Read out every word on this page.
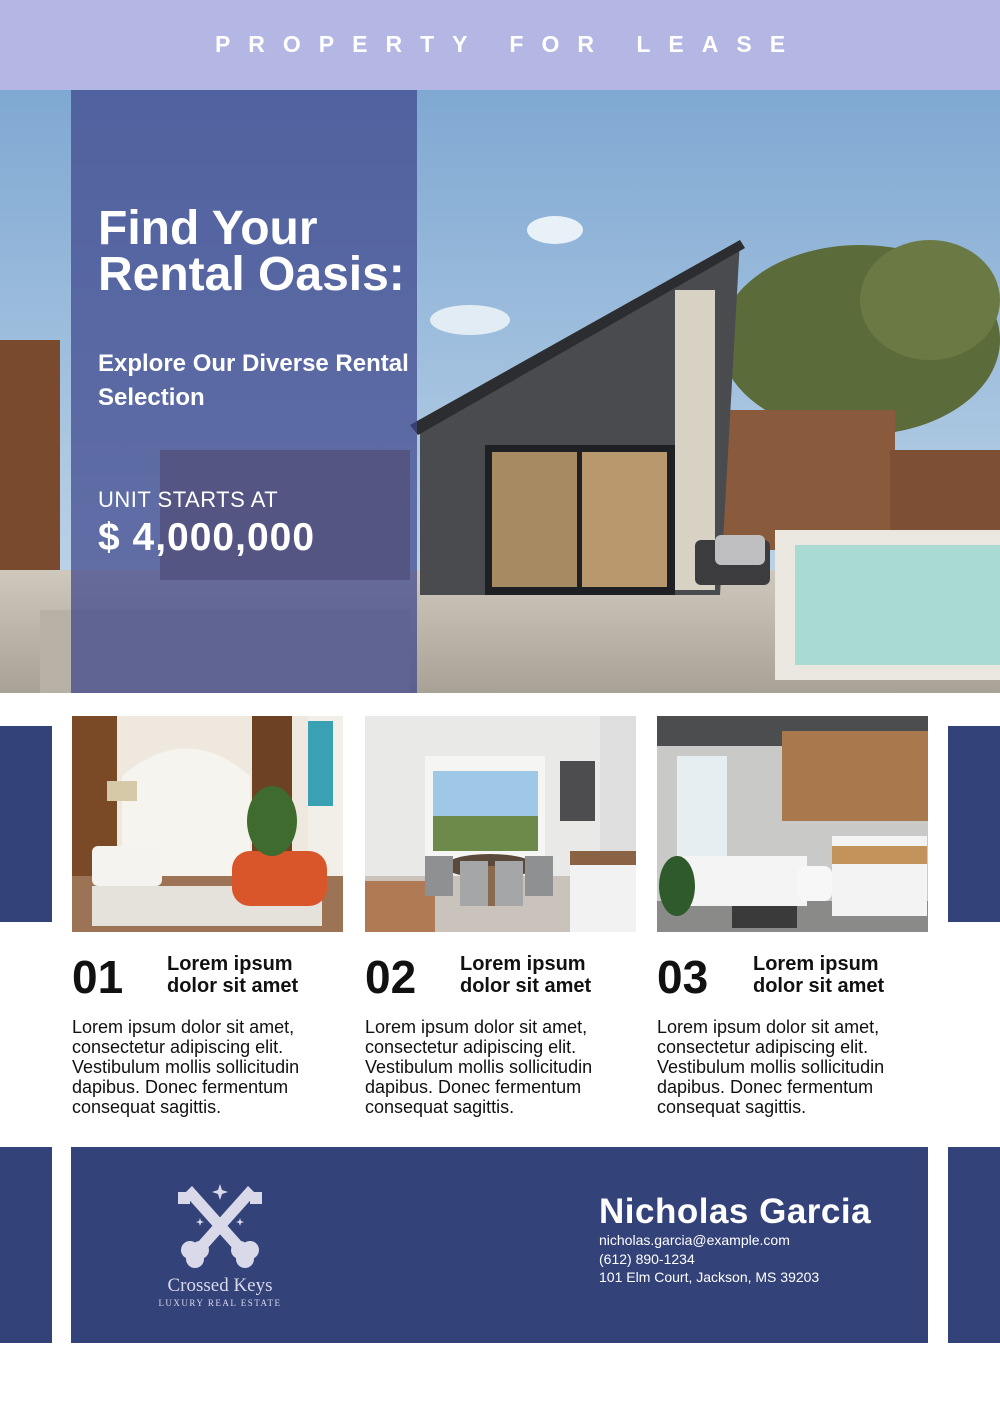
PROPERTY FOR LEASE
Find Your Rental Oasis:
Explore Our Diverse Rental Selection
UNIT STARTS AT
$ 4,000,000
01 Lorem ipsum dolor sit amet
Lorem ipsum dolor sit amet, consectetur adipiscing elit. Vestibulum mollis sollicitudin dapibus. Donec fermentum consequat sagittis.
02 Lorem ipsum dolor sit amet
Lorem ipsum dolor sit amet, consectetur adipiscing elit. Vestibulum mollis sollicitudin dapibus. Donec fermentum consequat sagittis.
03 Lorem ipsum dolor sit amet
Lorem ipsum dolor sit amet, consectetur adipiscing elit. Vestibulum mollis sollicitudin dapibus. Donec fermentum consequat sagittis.
Crossed Keys
LUXURY REAL ESTATE
Nicholas Garcia
nicholas.garcia@example.com
(612) 890-1234
101 Elm Court, Jackson, MS 39203
